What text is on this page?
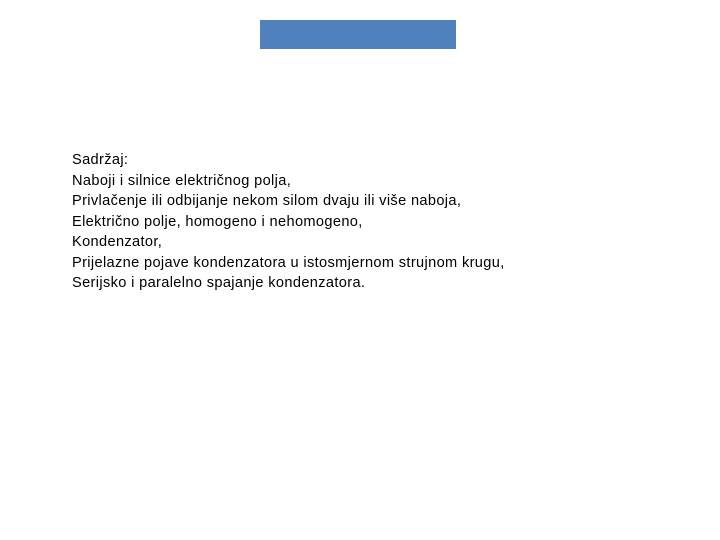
Sadržaj:
Naboji i silnice električnog polja,
Privlačenje ili odbijanje nekom silom dvaju ili više naboja,
Električno polje, homogeno i nehomogeno,
Kondenzator,
Prijelazne pojave kondenzatora u istosmjernom strujnom krugu,
Serijsko i paralelno spajanje kondenzatora.
